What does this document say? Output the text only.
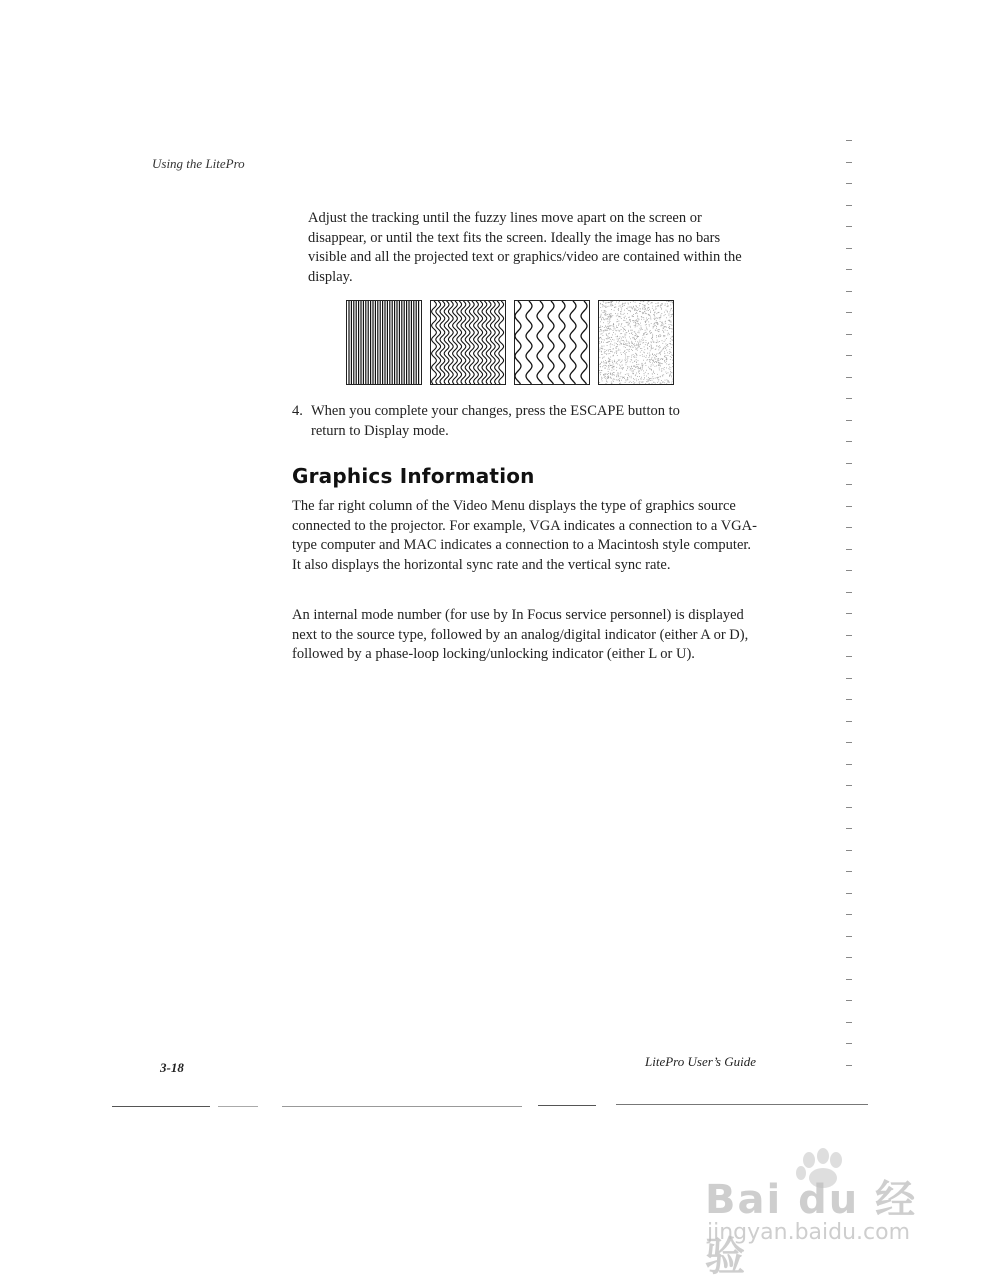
Using the LitePro
Adjust the tracking until the fuzzy lines move apart on the screen or disappear, or until the text fits the screen. Ideally the image has no bars visible and all the projected text or graphics/video are contained within the display.
4. When you complete your changes, press the ESCAPE button to
return to Display mode.
Graphics Information
The far right column of the Video Menu displays the type of graphics source connected to the projector. For example, VGA indicates a connection to a VGA-type computer and MAC indicates a connection to a Macintosh style computer. It also displays the horizontal sync rate and the vertical sync rate.
An internal mode number (for use by In Focus service personnel) is displayed next to the source type, followed by an analog/digital indicator (either A or D), followed by a phase-loop locking/unlocking indicator (either L or U).
3-18	LitePro User’s Guide
Bai du 经验
jingyan.baidu.com
